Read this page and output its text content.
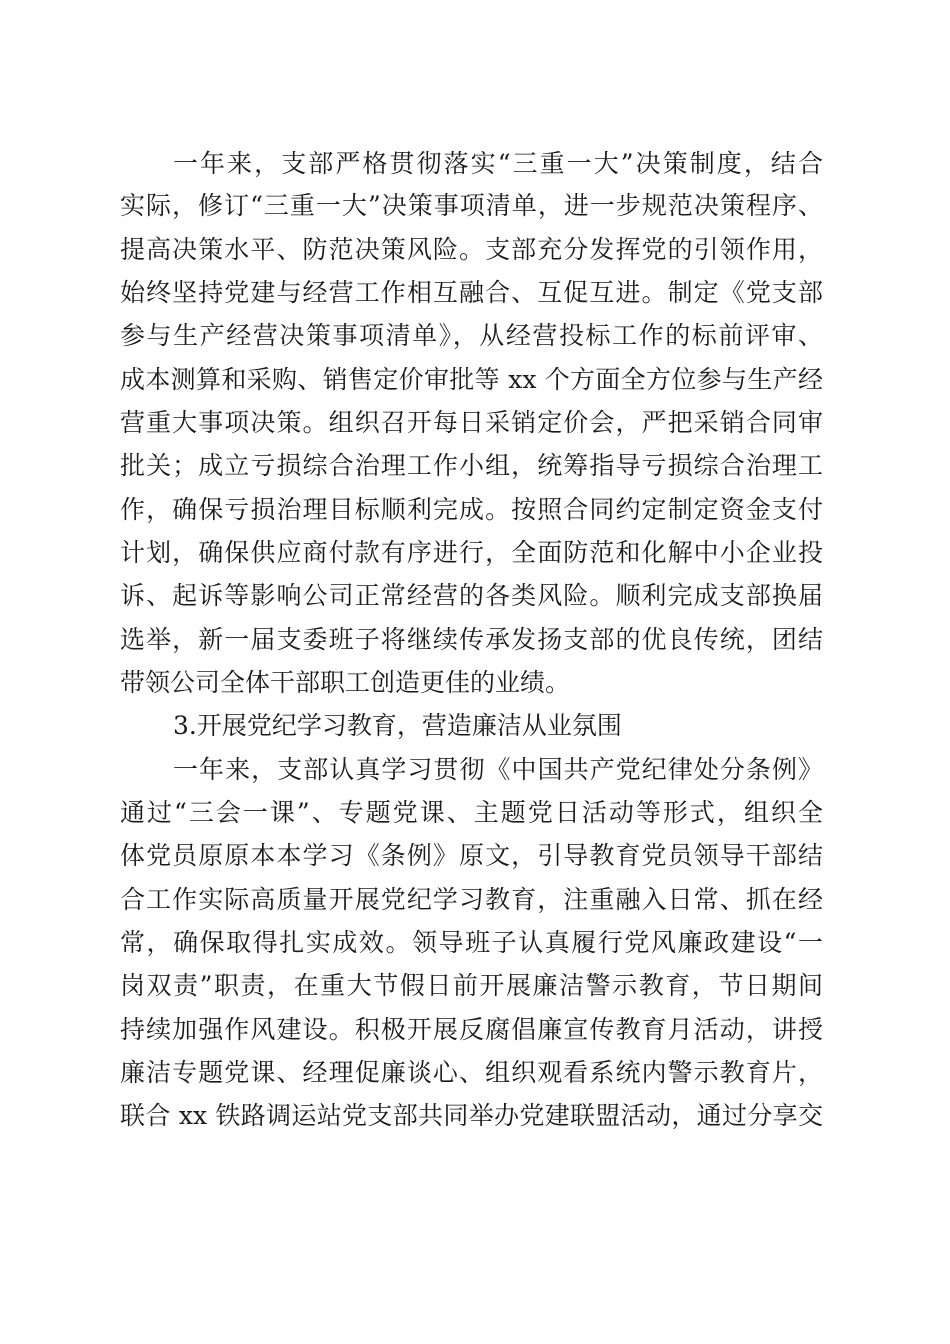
一年来，支部严格贯彻落实“三重一大”决策制度，结合
实际，修订“三重一大”决策事项清单，进一步规范决策程序、
提高决策水平、防范决策风险。支部充分发挥党的引领作用，
始终坚持党建与经营工作相互融合、互促互进。制定《党支部
参与生产经营决策事项清单》，从经营投标工作的标前评审、
成本测算和采购、销售定价审批等 xx 个方面全方位参与生产经
营重大事项决策。组织召开每日采销定价会，严把采销合同审
批关；成立亏损综合治理工作小组，统筹指导亏损综合治理工
作，确保亏损治理目标顺利完成。按照合同约定制定资金支付
计划，确保供应商付款有序进行，全面防范和化解中小企业投
诉、起诉等影响公司正常经营的各类风险。顺利完成支部换届
选举，新一届支委班子将继续传承发扬支部的优良传统，团结
带领公司全体干部职工创造更佳的业绩。
3.开展党纪学习教育，营造廉洁从业氛围
一年来，支部认真学习贯彻《中国共产党纪律处分条例》
通过“三会一课”、专题党课、主题党日活动等形式，组织全
体党员原原本本学习《条例》原文，引导教育党员领导干部结
合工作实际高质量开展党纪学习教育，注重融入日常、抓在经
常，确保取得扎实成效。领导班子认真履行党风廉政建设“一
岗双责”职责，在重大节假日前开展廉洁警示教育，节日期间
持续加强作风建设。积极开展反腐倡廉宣传教育月活动，讲授
廉洁专题党课、经理促廉谈心、组织观看系统内警示教育片，
联合 xx 铁路调运站党支部共同举办党建联盟活动，通过分享交
